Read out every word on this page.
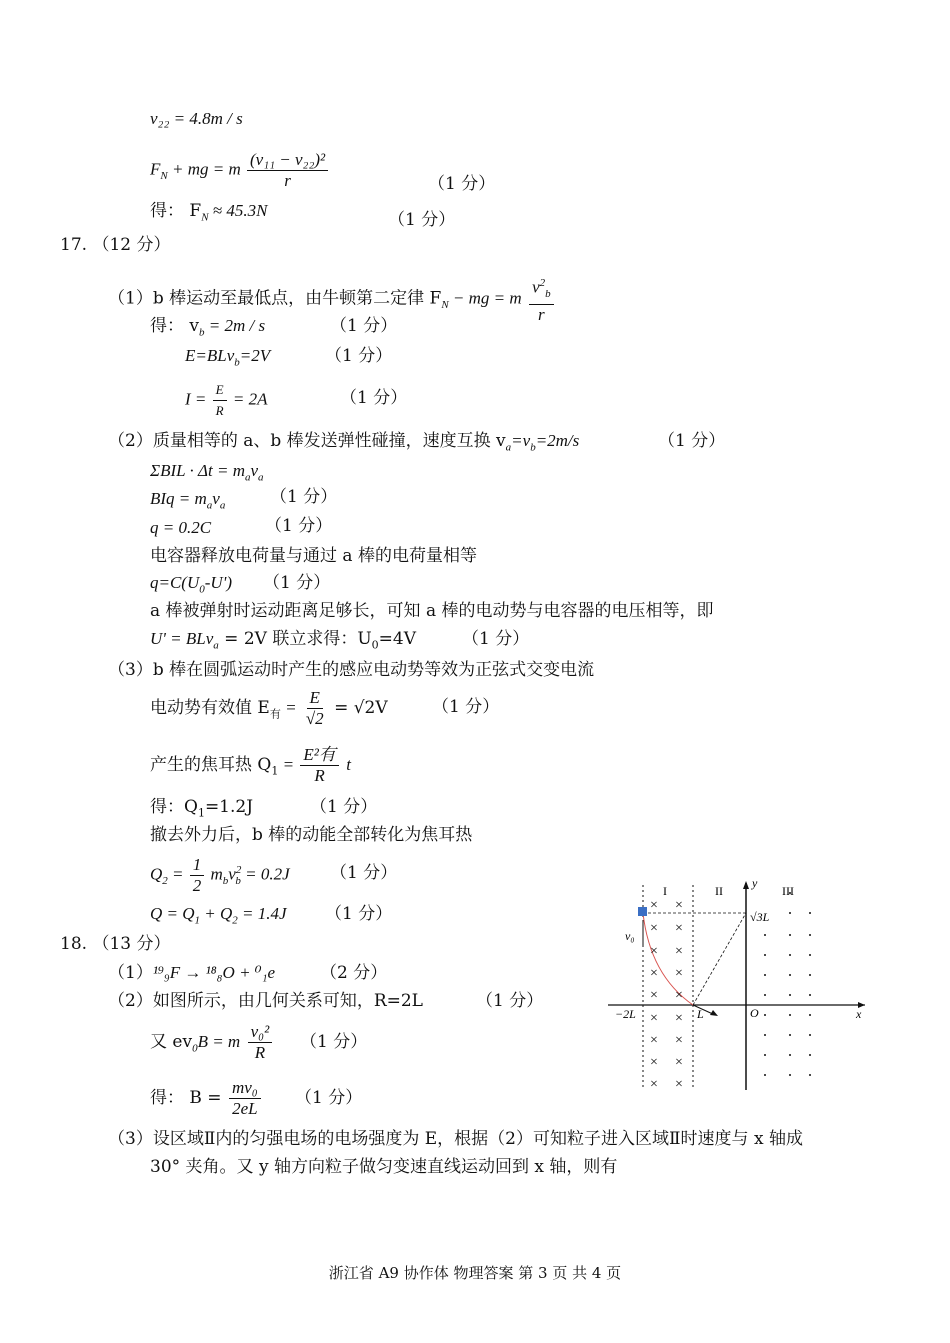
v₂₂ = 4.8m / s
$F_N$ + mg = m $\frac{\text{(v₁₁ − v₂₂)²}}{r}$	（1 分）
得： $F_N \approx 45.3N$	（1 分）
17. （12 分）
（1）b 棒运动至最低点，由牛顿第二定律 $F_N$ − mg = m $\frac{v^2_b}{r}$
得： $v_b = 2m / s$	（1 分）
E=BLv$_b$=2V	（1 分）
$I = \frac{E}{R} = 2A$	（1 分）
（2）质量相等的 a、b 棒发送弹性碰撞，速度互换 $v_a=v_b=2m/s$	（1 分）
$\Sigma BIL \cdot \Delta t = m_av_a$
BIq = $m_av_a$	（1 分）
q = 0.2C	（1 分）
电容器释放电荷量与通过 a 棒的电荷量相等
$q=C(U_0-U')$ （1 分）
a 棒被弹射时运动距离足够长，可知 a 棒的电动势与电容器的电压相等，即
U' = BLv$_a$ = 2V 联立求得：$U_0=4V$	（1 分）
（3）b 棒在圆弧运动时产生的感应电动势等效为正弦式交变电流
电动势有效值 $E_有 = \frac{E}{√2} = √2V$	（1 分）
产生的焦耳热 $Q_1 = \frac{\text{E²有}}{R}$ t
得：$Q_1=1.2J$	（1 分）
撤去外力后，b 棒的动能全部转化为焦耳热
$Q_2 = \frac{1}{2} m_bv^2_b = 0.2J$ （1 分）
$Q = Q_1 + Q_2 = 1.4J$ （1 分）
18. （13 分）
（1）¹⁹₉F → ¹⁸₈O + ⁰₁e	（2 分）
（2）如图所示，由几何关系可知，R=2L	（1 分）
又 $ev_0B = m \frac{\text{v₀²}}{R} (1$ 分）
得： $B = \frac{\text{mv₀}}{2eL} (1$ 分）
（3）设区域Ⅱ内的匀强电场的电场强度为 E，根据（2）可知粒子进入区域Ⅱ时速度与 x 轴成
30° 夹角。又 y 轴方向粒子做匀变速直线运动回到 x 轴，则有
× ×
× ×
× ×
× ×
× ×
× ×
× ×
× ×
× ×
I	II	III
y
x
O
√3L
−2L	L
v₀
浙江省 A9 协作体 物理答案 第 3 页 共 4 页
